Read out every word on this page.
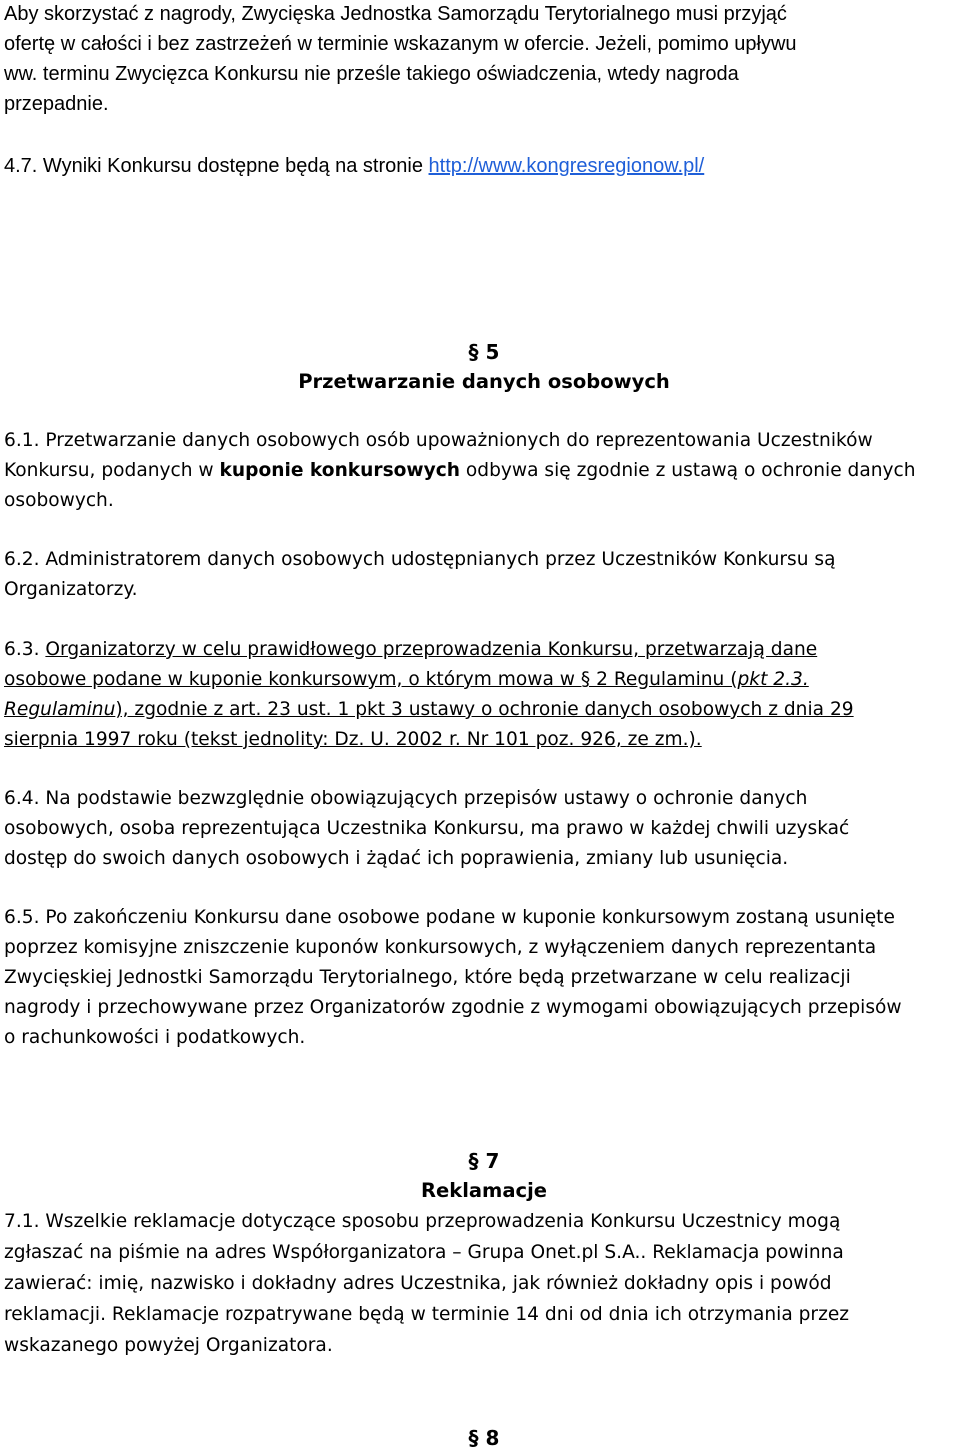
Aby skorzystać z nagrody, Zwycięska Jednostka Samorządu Terytorialnego musi przyjąć
ofertę w całości i bez zastrzeżeń w terminie wskazanym w ofercie. Jeżeli, pomimo upływu
ww. terminu Zwycięzca Konkursu nie prześle takiego oświadczenia, wtedy nagroda
przepadnie.
4.7. Wyniki Konkursu dostępne będą na stronie http://www.kongresregionow.pl/
§ 5
Przetwarzanie danych osobowych
6.1. Przetwarzanie danych osobowych osób upoważnionych do reprezentowania Uczestników
Konkursu, podanych w kuponie konkursowych odbywa się zgodnie z ustawą o ochronie danych
osobowych.
6.2. Administratorem danych osobowych udostępnianych przez Uczestników Konkursu są
Organizatorzy.
6.3. Organizatorzy w celu prawidłowego przeprowadzenia Konkursu, przetwarzają dane
osobowe podane w kuponie konkursowym, o którym mowa w § 2 Regulaminu (pkt 2.3.
Regulaminu), zgodnie z art. 23 ust. 1 pkt 3 ustawy o ochronie danych osobowych z dnia 29
sierpnia 1997 roku (tekst jednolity: Dz. U. 2002 r. Nr 101 poz. 926, ze zm.).
6.4. Na podstawie bezwzględnie obowiązujących przepisów ustawy o ochronie danych
osobowych, osoba reprezentująca Uczestnika Konkursu, ma prawo w każdej chwili uzyskać
dostęp do swoich danych osobowych i żądać ich poprawienia, zmiany lub usunięcia.
6.5. Po zakończeniu Konkursu dane osobowe podane w kuponie konkursowym zostaną usunięte
poprzez komisyjne zniszczenie kuponów konkursowych, z wyłączeniem danych reprezentanta
Zwycięskiej Jednostki Samorządu Terytorialnego, które będą przetwarzane w celu realizacji
nagrody i przechowywane przez Organizatorów zgodnie z wymogami obowiązujących przepisów
o rachunkowości i podatkowych.
§ 7
Reklamacje
7.1. Wszelkie reklamacje dotyczące sposobu przeprowadzenia Konkursu Uczestnicy mogą
zgłaszać na piśmie na adres Współorganizatora – Grupa Onet.pl S.A.. Reklamacja powinna
zawierać: imię, nazwisko i dokładny adres Uczestnika, jak również dokładny opis i powód
reklamacji. Reklamacje rozpatrywane będą w terminie 14 dni od dnia ich otrzymania przez
wskazanego powyżej Organizatora.
§ 8
